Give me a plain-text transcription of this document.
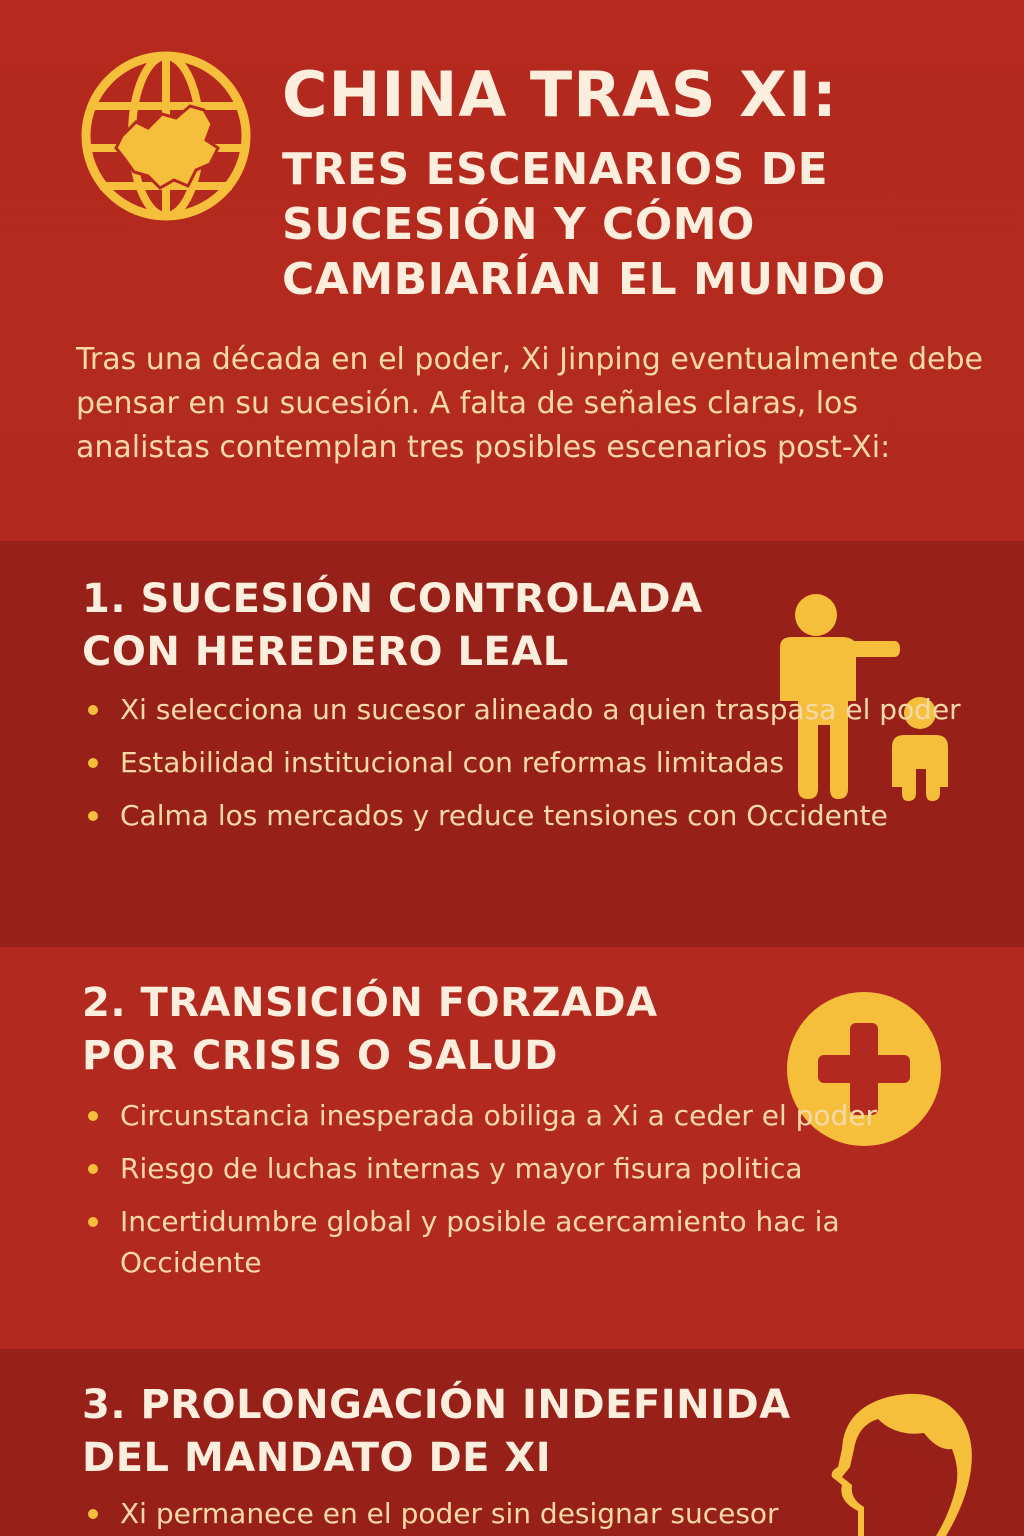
CHINA TRAS XI:
TRES ESCENARIOS DE
SUCESIÓN Y CÓMO
CAMBIARÍAN EL MUNDO
Tras una década en el poder, Xi Jinping eventualmente debe pensar en su sucesión. A falta de señales claras, los analistas contemplan tres posibles escenarios post-Xi:
1. SUCESIÓN CONTROLADA
CON HEREDERO LEAL
Xi selecciona un sucesor alineado a quien traspasa el poder
Estabilidad institucional con reformas limitadas
Calma los mercados y reduce tensiones con Occidente
2. TRANSICIÓN FORZADA
POR CRISIS O SALUD
Circunstancia inesperada obiliga a Xi a ceder el poder
Riesgo de luchas internas y mayor fisura politica
Incertidumbre global y posible acercamiento hac ia Occidente
3. PROLONGACIÓN INDEFINIDA
DEL MANDATO DE XI
Xi permanece en el poder sin designar sucesor
